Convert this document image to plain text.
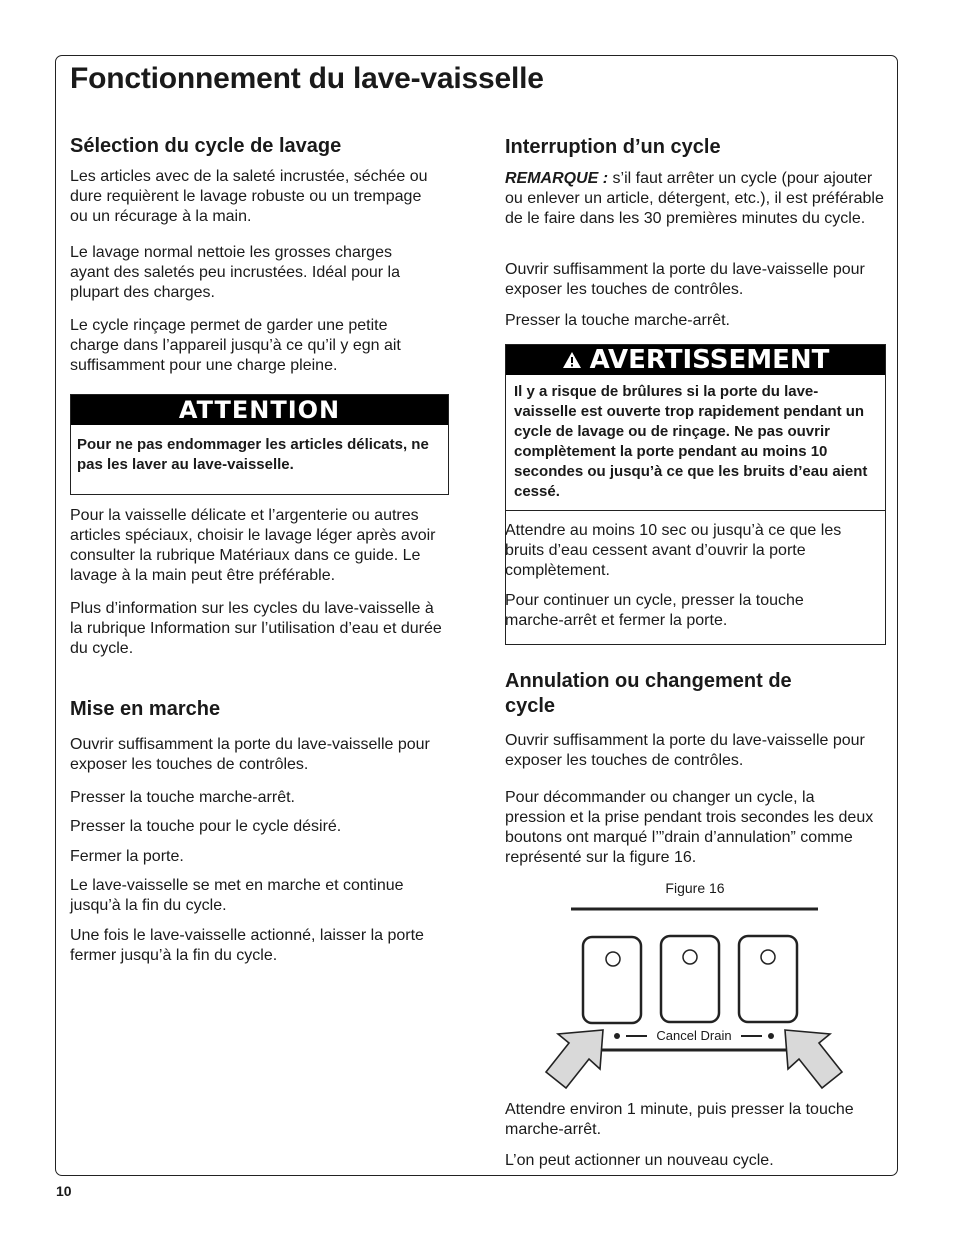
Fonctionnement du lave-vaisselle
Sélection du cycle de lavage

Les articles avec de la saleté incrustée, séchée ou dure requièrent le lavage robuste ou un trempage ou un récurage à la main.

Le lavage normal nettoie les grosses charges ayant des saletés peu incrustées. Idéal pour la plupart des charges.

Le cycle rinçage permet de garder une petite charge dans l’appareil jusqu’à ce qu’il y egn ait suffisamment pour une charge pleine.

ATTENTION
Pour ne pas endommager les articles délicats, ne pas les laver au lave-vaisselle.

Pour la vaisselle délicate et l’argenterie ou autres articles spéciaux, choisir le lavage léger après avoir consulter la rubrique Matériaux dans ce guide. Le lavage à la main peut être préférable.

Plus d’information sur les cycles du lave-vaisselle à la rubrique Information sur l’utilisation d’eau et durée du cycle.

Mise en marche

Ouvrir suffisamment la porte du lave-vaisselle pour exposer les touches de contrôles.

Presser la touche marche-arrêt.

Presser la touche pour le cycle désiré.

Fermer la porte.

Le lave-vaisselle se met en marche et continue jusqu’à la fin du cycle.

Une fois le lave-vaisselle actionné, laisser la porte fermer jusqu’à la fin du cycle.

Interruption d’un cycle

REMARQUE : s’il faut arrêter un cycle (pour ajouter ou enlever un article, détergent, etc.), il est préférable de le faire dans les 30 premières minutes du cycle.

Ouvrir suffisamment la porte du lave-vaisselle pour exposer les touches de contrôles.

Presser la touche marche-arrêt.

AVERTISSEMENT
Il y a risque de brûlures si la porte du lave-vaisselle est ouverte trop rapidement pendant un cycle de lavage ou de rinçage. Ne pas ouvrir complètement la porte pendant au moins 10 secondes ou jusqu’à ce que les bruits d’eau aient cessé.

Attendre au moins 10 sec ou jusqu’à ce que les bruits d’eau cessent avant d’ouvrir la porte complètement.

Pour continuer un cycle, presser la touche marche-arrêt et fermer la porte.

Annulation ou changement de cycle

Ouvrir suffisamment la porte du lave-vaisselle pour exposer les touches de contrôles.

Pour décommander ou changer un cycle, la pression et la prise pendant trois secondes les deux boutons ont marqué l’”drain d’annulation” comme représenté sur la figure 16.

Attendre environ 1 minute, puis presser la touche marche-arrêt.

L’on peut actionner un nouveau cycle.

Figure 16
Cancel Drain
10
